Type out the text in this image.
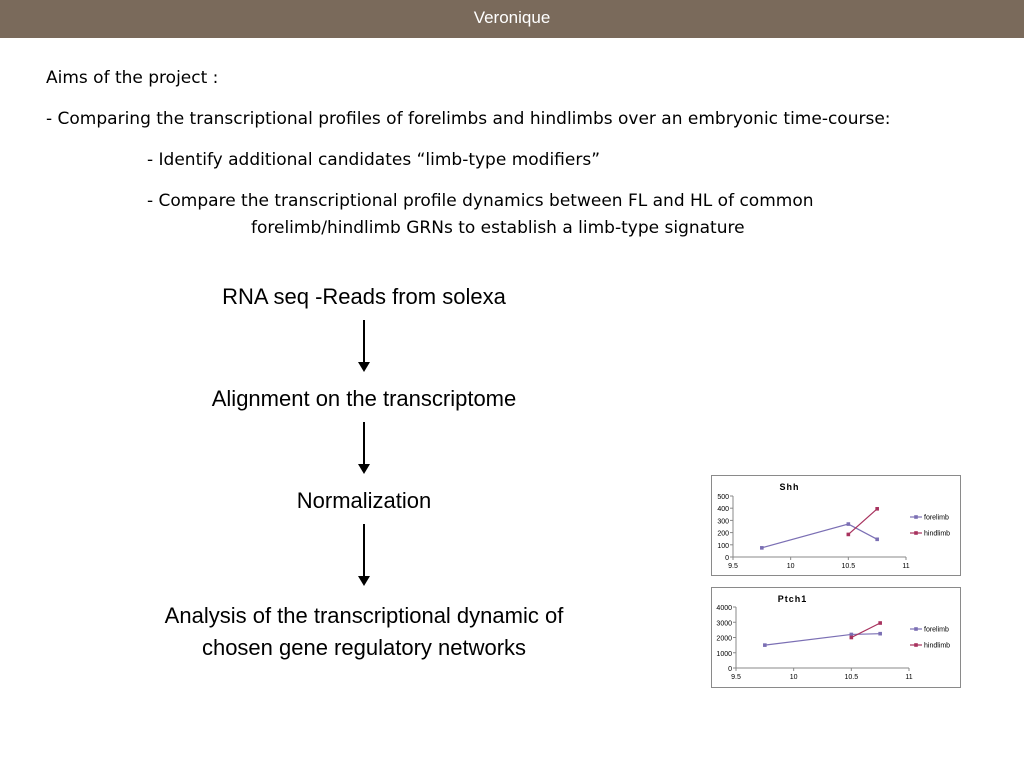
Veronique
Aims of the project :
- Comparing the transcriptional profiles of forelimbs and hindlimbs over an embryonic time-course:
- Identify additional candidates “limb-type modifiers”
- Compare the transcriptional profile dynamics between FL and HL of common
forelimb/hindlimb GRNs to establish a limb-type signature
RNA seq -Reads from solexa
Alignment on the transcriptome
Normalization
Analysis of the transcriptional dynamic of
chosen gene regulatory networks
Shh
0
100
200
300
400
500
9.5	10	10.5	11
forelimb
hindlimb
Ptch1
0
1000
2000
3000
4000
9.5	10	10.5	11
forelimb
hindlimb
